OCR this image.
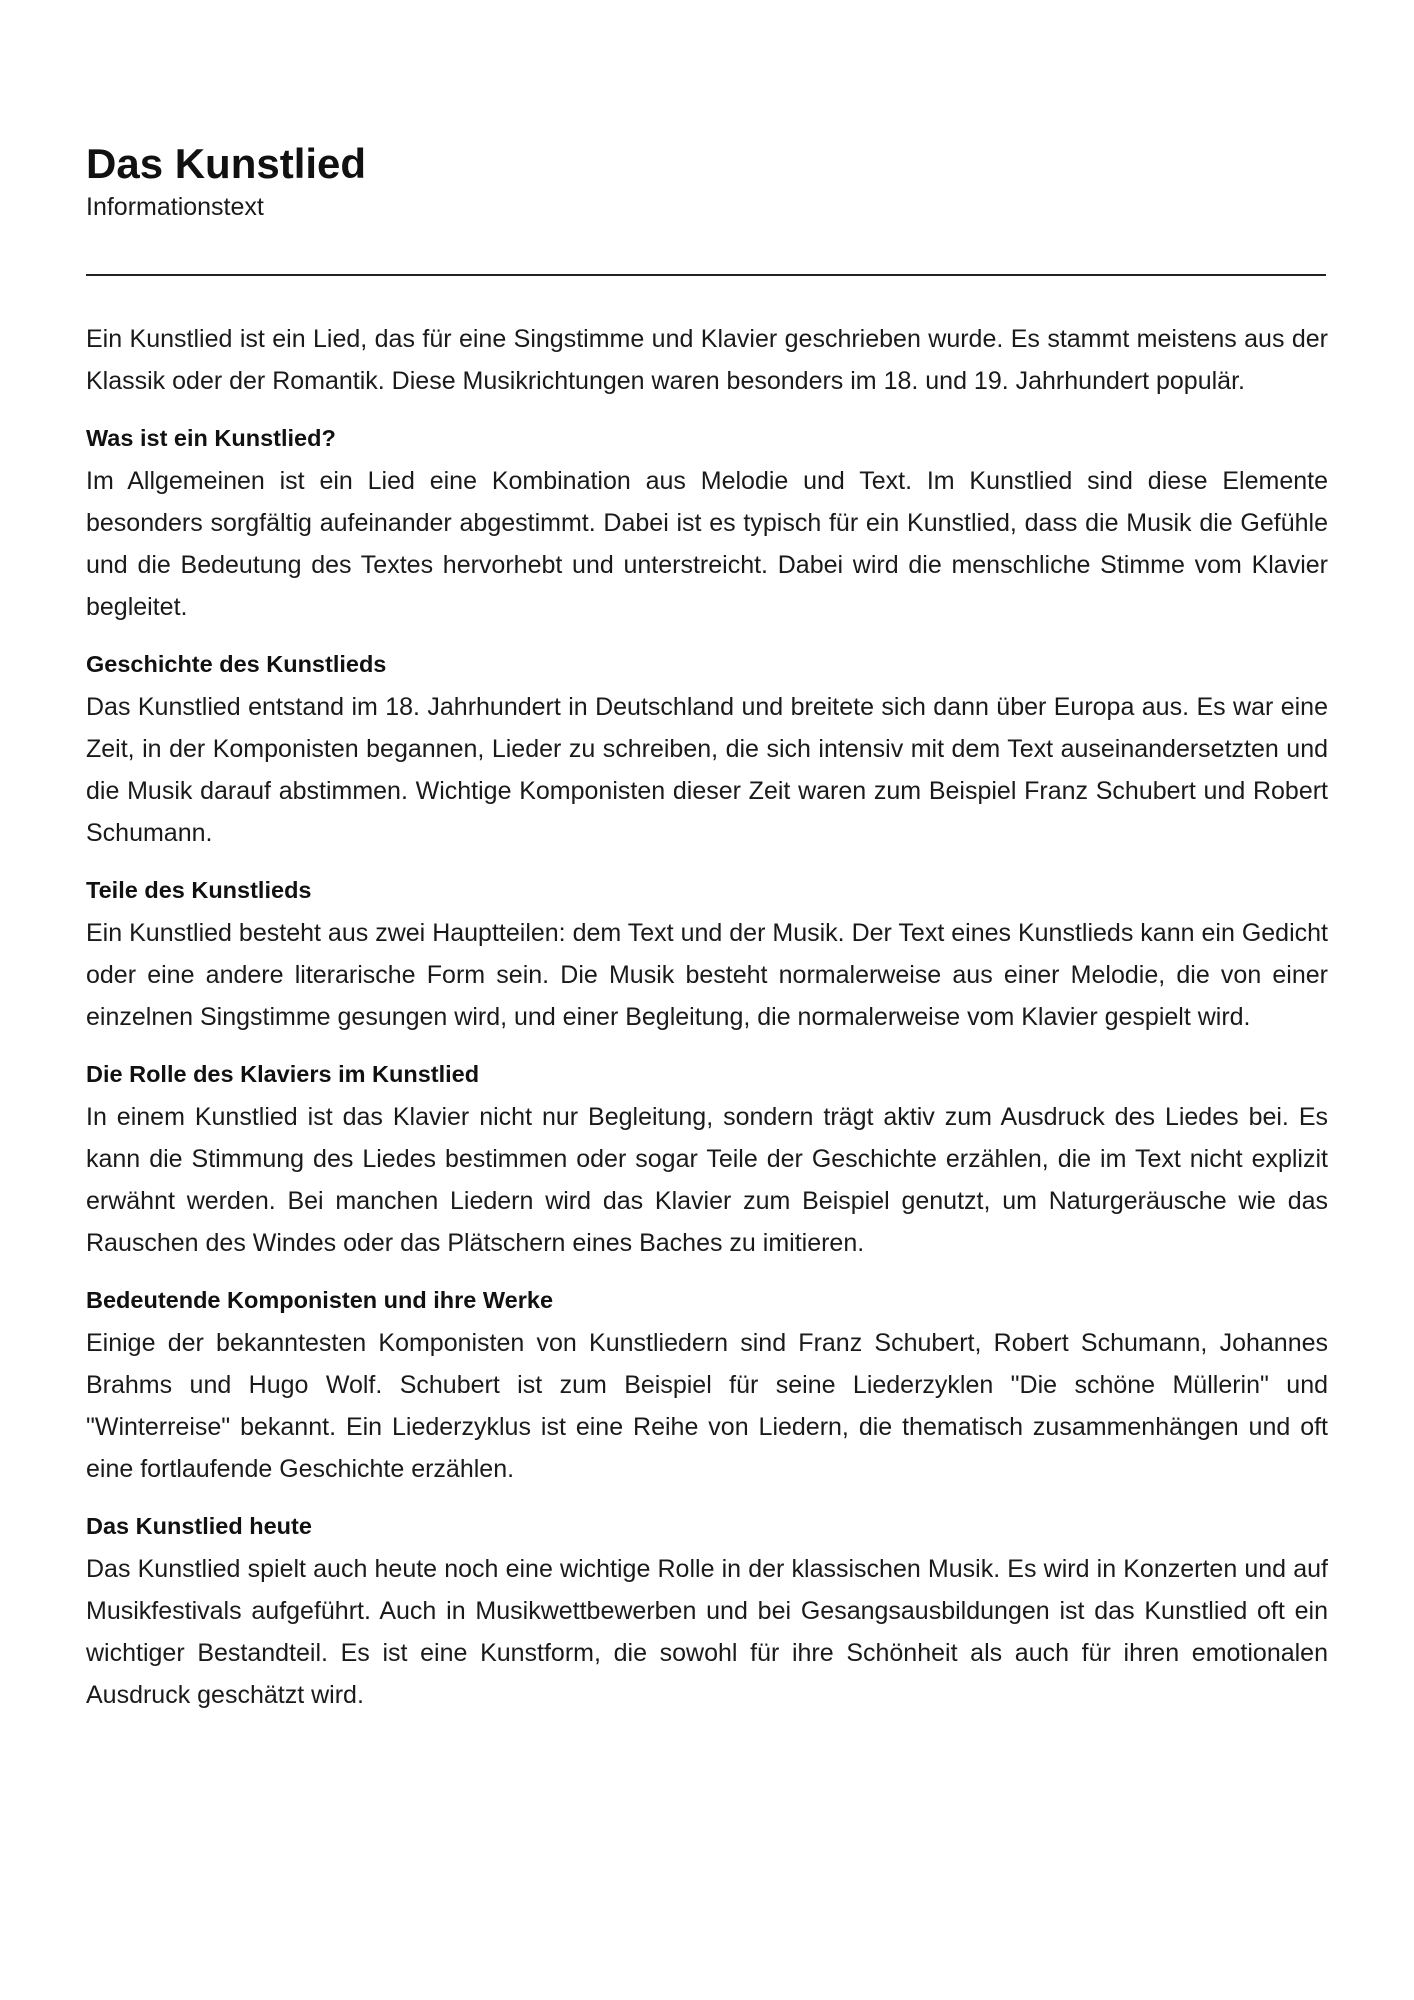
Das Kunstlied
Informationstext

Ein Kunstlied ist ein Lied, das für eine Singstimme und Klavier geschrieben wurde. Es stammt meistens aus der Klassik oder der Romantik. Diese Musikrichtungen waren besonders im 18. und 19. Jahrhundert populär.

Was ist ein Kunstlied?

Im Allgemeinen ist ein Lied eine Kombination aus Melodie und Text. Im Kunstlied sind diese Elemente besonders sorgfältig aufeinander abgestimmt. Dabei ist es typisch für ein Kunstlied, dass die Musik die Gefühle und die Bedeutung des Textes hervorhebt und unterstreicht. Dabei wird die menschliche Stimme vom Klavier begleitet.

Geschichte des Kunstlieds

Das Kunstlied entstand im 18. Jahrhundert in Deutschland und breitete sich dann über Europa aus. Es war eine Zeit, in der Komponisten begannen, Lieder zu schreiben, die sich intensiv mit dem Text auseinandersetzten und die Musik darauf abstimmen. Wichtige Komponisten dieser Zeit waren zum Beispiel Franz Schubert und Robert Schumann.

Teile des Kunstlieds

Ein Kunstlied besteht aus zwei Hauptteilen: dem Text und der Musik. Der Text eines Kunstlieds kann ein Gedicht oder eine andere literarische Form sein. Die Musik besteht normalerweise aus einer Melodie, die von einer einzelnen Singstimme gesungen wird, und einer Begleitung, die normalerweise vom Klavier gespielt wird.

Die Rolle des Klaviers im Kunstlied

In einem Kunstlied ist das Klavier nicht nur Begleitung, sondern trägt aktiv zum Ausdruck des Liedes bei. Es kann die Stimmung des Liedes bestimmen oder sogar Teile der Geschichte erzählen, die im Text nicht explizit erwähnt werden. Bei manchen Liedern wird das Klavier zum Beispiel genutzt, um Naturgeräusche wie das Rauschen des Windes oder das Plätschern eines Baches zu imitieren.

Bedeutende Komponisten und ihre Werke

Einige der bekanntesten Komponisten von Kunstliedern sind Franz Schubert, Robert Schumann, Johannes Brahms und Hugo Wolf. Schubert ist zum Beispiel für seine Liederzyklen "Die schöne Müllerin" und "Winterreise" bekannt. Ein Liederzyklus ist eine Reihe von Liedern, die thematisch zusammenhängen und oft eine fortlaufende Geschichte erzählen.

Das Kunstlied heute

Das Kunstlied spielt auch heute noch eine wichtige Rolle in der klassischen Musik. Es wird in Konzerten und auf Musikfestivals aufgeführt. Auch in Musikwettbewerben und bei Gesangsausbildungen ist das Kunstlied oft ein wichtiger Bestandteil. Es ist eine Kunstform, die sowohl für ihre Schönheit als auch für ihren emotionalen Ausdruck geschätzt wird.
